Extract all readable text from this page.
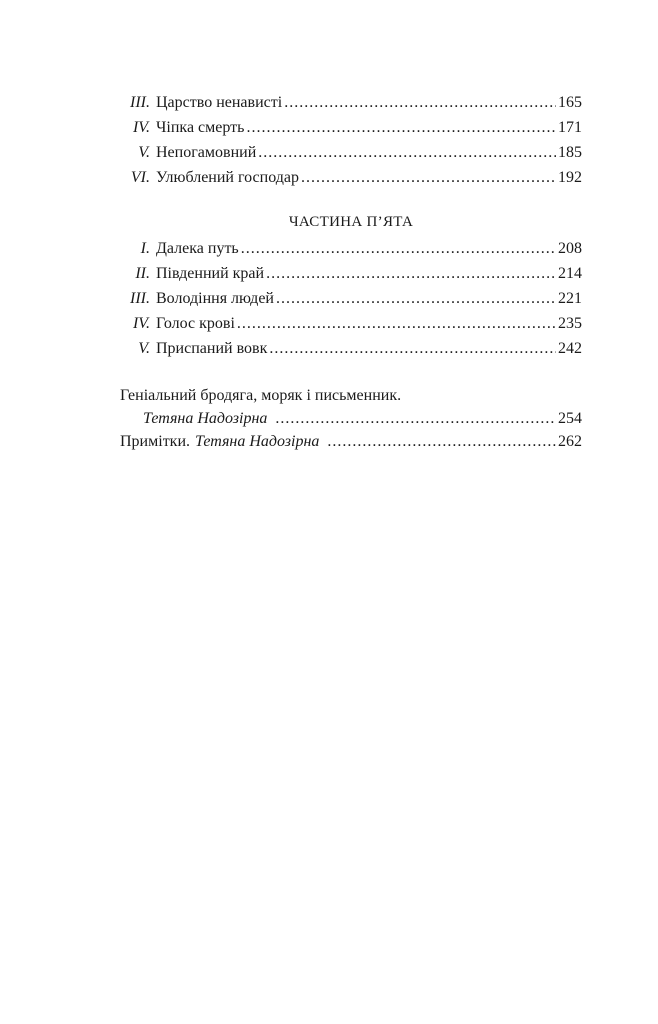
III. Царство ненависті .....	165
IV. Чіпка смерть .....	171
V. Непогамовний .....	185
VI. Улюблений господар .....	192
ЧАСТИНА П’ЯТА
I. Далека путь .....	208
II. Південний край .....	214
III. Володіння людей .....	221
IV. Голос крові .....	235
V. Приспаний вовк .....	242
Геніальний бродяга, моряк і письменник.
Тетяна Надозірна .....	254
Примітки. Тетяна Надозірна .....	262
